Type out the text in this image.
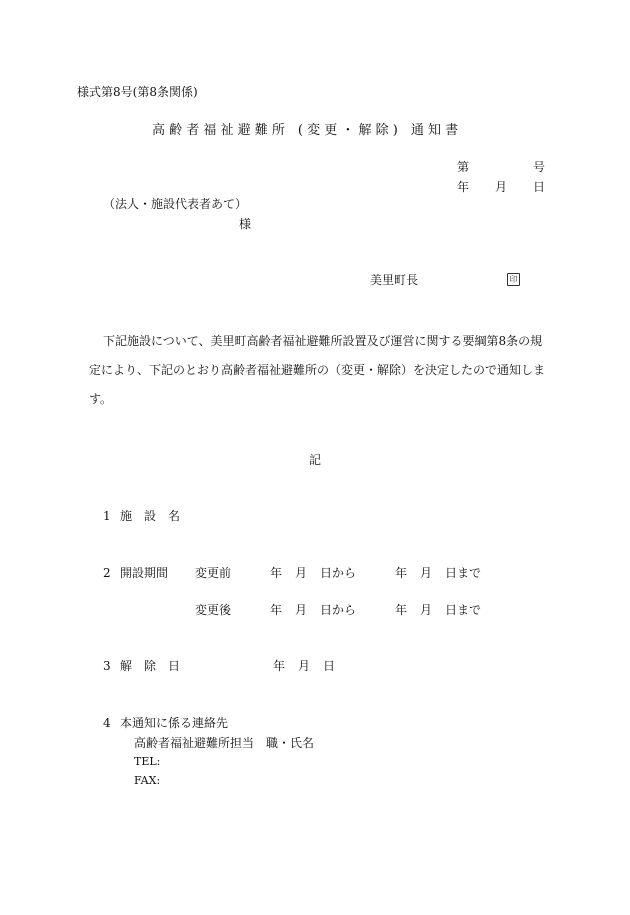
様式第8号(第8条関係)
高 齢 者 福 祉 避 難 所　( 変 更 ・ 解 除 )　通 知 書
第	号
年 月 日
（法人・施設代表者あて）
様
美里町長	印
下記施設について、美里町高齢者福祉避難所設置及び運営に関する要綱第8条の規
定により、下記のとおり高齢者福祉避難所の（変更・解除）を決定したので通知しま
す。
記
1 施　設　名
2 開設期間 変更前	年 月 日から	年 月 日まで
変更後	年 月 日から	年 月 日まで
3 解　除　日	年 月 日
4 本通知に係る連絡先
高齢者福祉避難所担当　職・氏名
TEL:
FAX:
